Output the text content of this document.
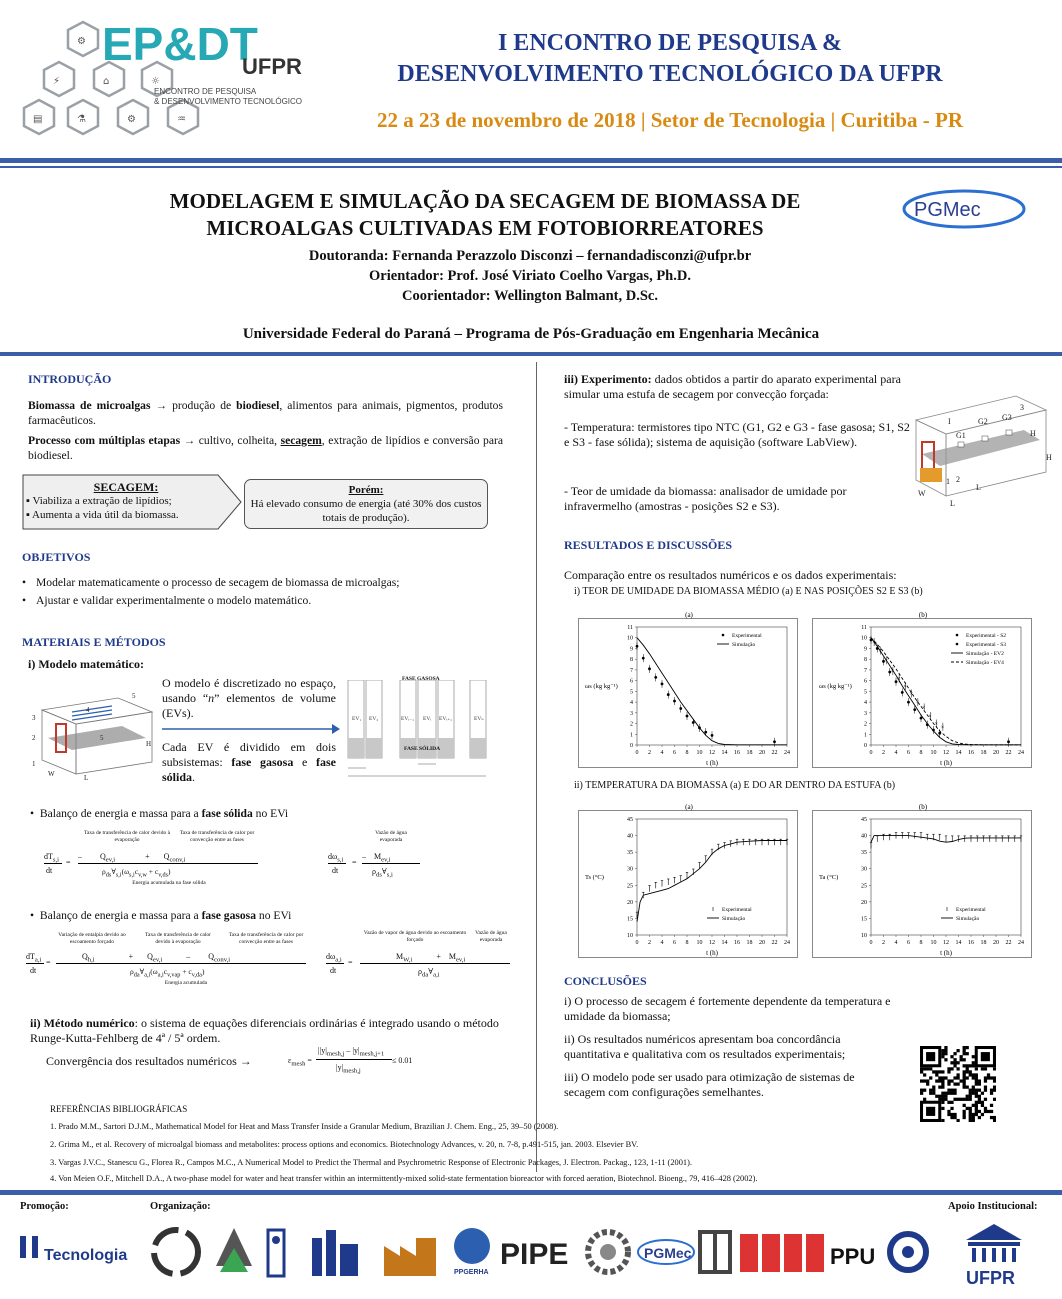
⚡
⚙
⚗
⌂
⚙
☼
♒
▤
EP&DT
UFPR
ENCONTRO DE PESQUISA
& DESENVOLVIMENTO TECNOLÓGICO
I ENCONTRO DE PESQUISA &
DESENVOLVIMENTO TECNOLÓGICO DA UFPR
22 a 23 de novembro de 2018 | Setor de Tecnologia | Curitiba - PR
MODELAGEM E SIMULAÇÃO DA SECAGEM DE BIOMASSA DE
MICROALGAS CULTIVADAS EM FOTOBIORREATORES
PGMec
Doutoranda: Fernanda Perazzolo Disconzi – fernandadisconzi@ufpr.br
Orientador: Prof. José Viriato Coelho Vargas, Ph.D.
Coorientador: Wellington Balmant, D.Sc.
Universidade Federal do Paraná – Programa de Pós-Graduação em Engenharia Mecânica
INTRODUÇÃO
Biomassa de microalgas → produção de biodiesel, alimentos para animais, pigmentos, produtos farmacêuticos.
Processo com múltiplas etapas → cultivo, colheita, secagem, extração de lipídios e conversão para biodiesel.
SECAGEM:
▪ Viabiliza a extração de lipídios;
▪ Aumenta a vida útil da biomassa.
Porém:
Há elevado consumo de energia (até 30% dos custos totais de produção).
OBJETIVOS
• Modelar matematicamente o processo de secagem de biomassa de microalgas;
• Ajustar e validar experimentalmente o modelo matemático.
MATERIAIS E MÉTODOS
i) Modelo matemático:
3
2
1
4
5
5
H
W	L
O modelo é discretizado no espaço, usando “n” elementos de volume (EVs).
Cada EV é dividido em dois subsistemas: fase gasosa e fase sólida.
FASE GASOSA
FASE SÓLIDA
EV₁ EV₂	EVᵢ₋₁ EVᵢ EVᵢ₊₁	EVₙ
•  Balanço de energia e massa para a fase sólida no EVi
Taxa de transferência de calor devido à evaporação
Taxa de transferência de calor por convecção entre as fases
$dT_{s,i}$
dt
=
–         $Q_{ev,i}$               +       $Q_{conv,i}$
$\rho_{ds}\forall_{s,i}(\omega_{s,i}c_{v,w} + c_{v,ds})$
Energia acumulada na fase sólida
Vazão de água evaporada
$d\omega_{s,i}$
dt
=
–    $M_{ev,i}$
$\rho_{ds}\forall_{s,i}$
•  Balanço de energia e massa para a fase gasosa no EVi
Variação de entalpia devido ao escoamento forçado
Taxa de transferência de calor devido à evaporação
Taxa de transferência de calor por convecção entre as fases
$dT_{a,i}$
dt
=
$Q_{h,i}$                 +       $Q_{ev,i}$            –         $Q_{conv,i}$
$\rho_{da}\forall_{a,i}(\omega_{a,i}c_{v,vap} + c_{v,da})$
Energia acumulada
Vazão de vapor de água devido ao escoamento forçado
Vazão de água evaporada
$d\omega_{a,i}$
dt
=
$M_{W,i}$            +    $M_{ev,i}$
$\rho_{da}\forall_{a,i}$
ii) Método numérico: o sistema de equações diferenciais ordinárias é integrado usando o método Runge-Kutta-Fehlberg de 4ª / 5ª ordem.
Convergência dos resultados numéricos →	$\varepsilon_{mesh}$ =
$||y|_{mesh,j} - |y|_{mesh,j+1}$
$|y|_{mesh,j}$
≤ 0.01
iii) Experimento: dados obtidos a partir do aparato experimental para simular uma estufa de secagem por convecção forçada:
- Temperatura: termistores tipo NTC (G1, G2 e G3 - fase gasosa; S1, S2 e S3 - fase sólida); sistema de aquisição (software LabView).
- Teor de umidade da biomassa: analisador de umidade por infravermelho (amostras - posições S2 e S3).
3
I
G1
G2 G3
H
H
1 2
L
W
L
RESULTADOS E DISCUSSÕES
Comparação entre os resultados numéricos e os dados experimentais:
i) TEOR DE UMIDADE DA BIOMASSA MÉDIO (a) E NAS POSIÇÕES S2 E S3 (b)
(a)
0 2 4 6 8 10 12 14 16 18 20 22 24
0
1
2
3
4
5
6
7
8
9
10
11
t (h)
ωs (kg kg⁻¹)
Experimental
Simulação
(b)
0 2 4 6 8 10 12 14 16 18 20 22 24
0
1
2
3
4
5
6
7
8
9
10
11
t (h)
ωs (kg kg⁻¹)
Experimental - S2
×
×
×
×
×
×
×
×
×
×
×
×
Experimental - S3
Simulação - EV2
Simulação - EV4
ii) TEMPERATURA DA BIOMASSA (a) E DO AR DENTRO DA ESTUFA (b)
(a)
0 2 4 6 8 10 12 14 16 18 20 22 24
10
15
20
25
30
35
40
45
t (h)
Ts (°C)
Experimental
Simulação
(b)
0 2 4 6 8 10 12 14 16 18 20 22 24
10
15
20
25
30
35
40
45
t (h)
Ta (°C)
Experimental
Simulação
CONCLUSÕES
i) O processo de secagem é fortemente dependente da temperatura e umidade da biomassa;
ii) Os resultados numéricos apresentam boa concordância quantitativa e qualitativa com os resultados experimentais;
iii) O modelo pode ser usado para otimização de sistemas de secagem com configurações semelhantes.
REFERÊNCIAS BIBLIOGRÁFICAS
1. Prado M.M., Sartori D.J.M., Mathematical Model for Heat and Mass Transfer Inside a Granular Medium, Brazilian J. Chem. Eng., 25, 39–50 (2008).
2. Grima M., et al. Recovery of microalgal biomass and metabolites: process options and economics. Biotechnology Advances, v. 20, n. 7-8, p.491-515, jan. 2003. Elsevier BV.
3. Vargas J.V.C., Stanescu G., Florea R., Campos M.C., A Numerical Model to Predict the Thermal and Psychrometric Response of Electronic Packages, J. Electron. Packag., 123, 1-11 (2001).
4. Von Meien O.F., Mitchell D.A., A two-phase model for water and heat transfer within an intermittently-mixed solid-state fermentation bioreactor with forced aeration, Biotechnol. Bioeng., 79, 416–428 (2002).
Promoção:	Organização:	Apoio Institucional:
Tecnologia
PPGERHA
PIPE	PGMec	PPU
UFPR
